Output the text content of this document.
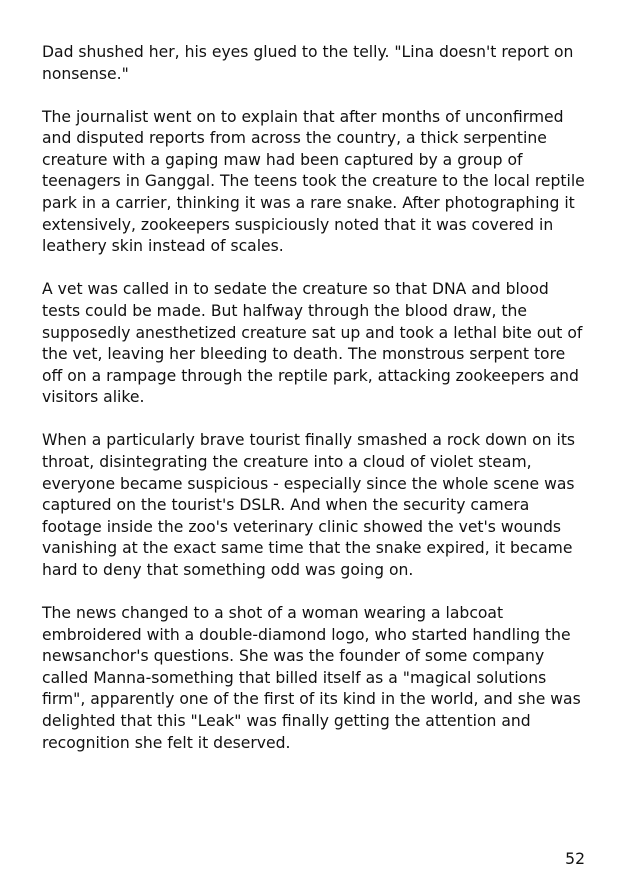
Dad shushed her, his eyes glued to the telly. "Lina doesn't report on nonsense."

The journalist went on to explain that after months of unconfirmed and disputed reports from across the country, a thick serpentine creature with a gaping maw had been captured by a group of teenagers in Ganggal. The teens took the creature to the local reptile park in a carrier, thinking it was a rare snake. After photographing it extensively, zookeepers suspiciously noted that it was covered in leathery skin instead of scales.

A vet was called in to sedate the creature so that DNA and blood tests could be made. But halfway through the blood draw, the supposedly anesthetized creature sat up and took a lethal bite out of the vet, leaving her bleeding to death. The monstrous serpent tore off on a rampage through the reptile park, attacking zookeepers and visitors alike.

When a particularly brave tourist finally smashed a rock down on its throat, disintegrating the creature into a cloud of violet steam, everyone became suspicious - especially since the whole scene was captured on the tourist's DSLR. And when the security camera footage inside the zoo's veterinary clinic showed the vet's wounds vanishing at the exact same time that the snake expired, it became hard to deny that something odd was going on.

The news changed to a shot of a woman wearing a labcoat embroidered with a double-diamond logo, who started handling the newsanchor's questions. She was the founder of some company called Manna-something that billed itself as a "magical solutions firm", apparently one of the first of its kind in the world, and she was delighted that this "Leak" was finally getting the attention and recognition she felt it deserved.

52
